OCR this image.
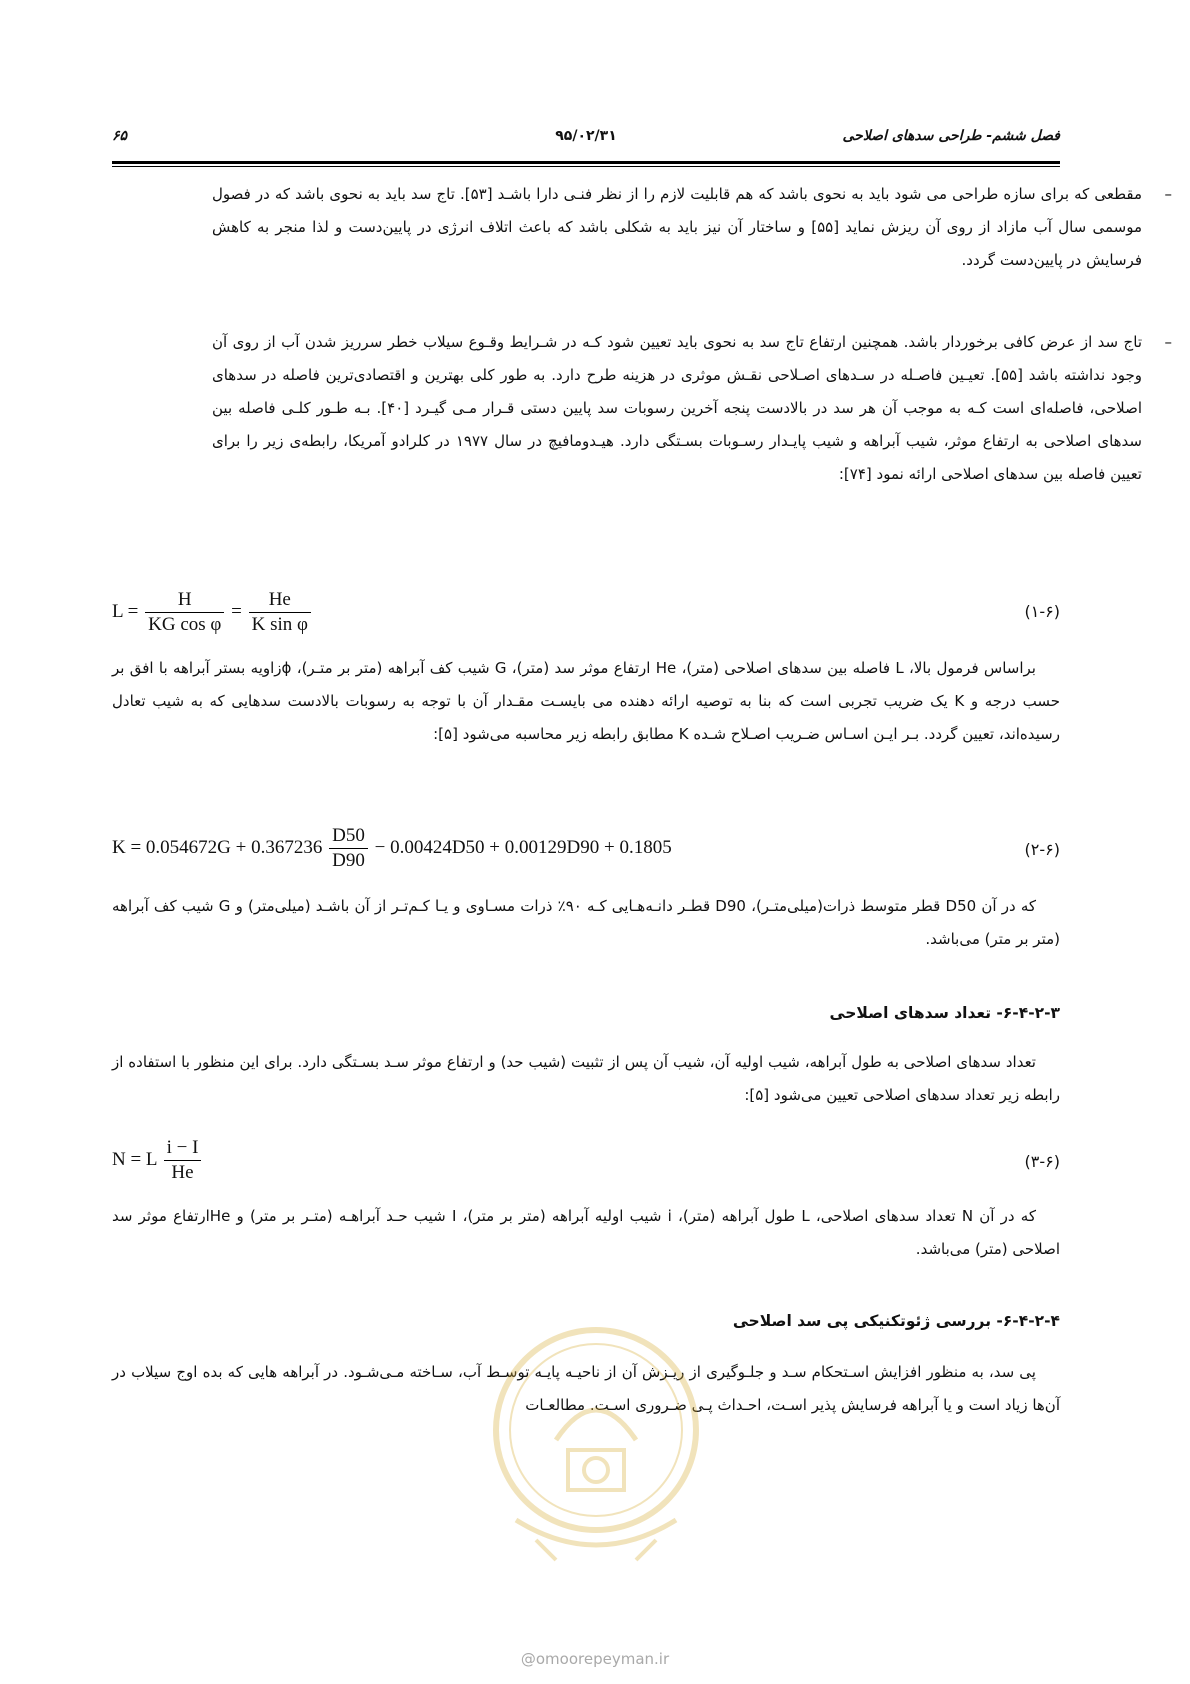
۶۵	۹۵/۰۲/۳۱	فصل ششم- طراحی سدهای اصلاحی
–
مقطعی که برای سازه طراحی می شود باید به نحوی باشد که هم قابلیت لازم را از نظر فنـی دارا باشـد [۵۳]. تاج سد باید به نحوی باشد که در فصول موسمی سال آب مازاد از روی آن ریزش نماید [۵۵] و ساختار آن نیز باید به شکلی باشد که باعث اتلاف انرژی در پایین‌دست و لذا منجر به کاهش فرسایش در پایین‌دست گردد.
–
تاج سد از عرض کافی برخوردار باشد. همچنین ارتفاع تاج سد به نحوی باید تعیین شود کـه در شـرایط وقـوع سیلاب خطر سرریز شدن آب از روی آن وجود نداشته باشد [۵۵]. تعیـین فاصـله در سـدهای اصـلاحی نقـش موثری در هزینه طرح دارد. به طور کلی بهترین و اقتصادی‌ترین فاصله در سدهای اصلاحی، فاصله‌ای است کـه به موجب آن هر سد در بالادست پنجه آخرین رسوبات سد پایین دستی قـرار مـی گیـرد [۴۰]. بـه طـور کلـی فاصله بین سدهای اصلاحی به ارتفاع موثر، شیب آبراهه و شیب پایـدار رسـوبات بسـتگی دارد. هیـدومافیچ در سال ۱۹۷۷ در کلرادو آمریکا، رابطه‌ی زیر را برای تعیین فاصله بین سدهای اصلاحی ارائه نمود [۷۴]:
$L = \frac{H}{\text{KG cos φ}} = \frac{He}{\text{K sin φ}}$	(۱-۶)
براساس فرمول بالا، L فاصله بین سدهای اصلاحی (متر)، He ارتفاع موثر سد (متر)، G شیب کف آبراهه (متر بر متـر)، ϕزاویه بستر آبراهه با افق بر حسب درجه و K یک ضریب تجربی است که بنا به توصیه ارائه دهنده می بایسـت مقـدار آن با توجه به رسوبات بالادست سدهایی که به شیب تعادل رسیده‌اند، تعیین گردد. بـر ایـن اسـاس ضـریب اصـلاح شـده K مطابق رابطه زیر محاسبه می‌شود [۵]:
$K = 0.054672G + 0.367236 \frac{D50}{D90} - 0.00424D50 + 0.00129D90 + 0.1805$	(۲-۶)
که در آن D50 قطر متوسط ذرات(میلی‌متـر)، D90 قطـر دانـه‌هـایی کـه ۹۰٪ ذرات مسـاوی و یـا کـم‌تـر از آن باشـد (میلی‌متر) و G شیب کف آبراهه (متر بر متر) می‌باشد.
۶-۴-۲-۳- تعداد سدهای اصلاحی
تعداد سدهای اصلاحی به طول آبراهه، شیب اولیه آن، شیب آن پس از تثبیت (شیب حد) و ارتفاع موثر سـد بسـتگی دارد. برای این منظور با استفاده از رابطه زیر تعداد سدهای اصلاحی تعیین می‌شود [۵]:
N = L $\frac{i - I}{He}$	(۳-۶)
که در آن N تعداد سدهای اصلاحی، L طول آبراهه (متر)، i شیب اولیه آبراهه (متر بر متر)، I شیب حـد آبراهـه (متـر بر متر) و Heارتفاع موثر سد اصلاحی (متر) می‌باشد.
۶-۴-۲-۴- بررسی ژئوتکنیکی پی سد اصلاحی
پی سد، به منظور افزایش اسـتحکام سـد و جلـوگیری از ریـزش آن از ناحیـه پایـه توسـط آب، سـاخته مـی‌شـود. در آبراهه هایی که بده اوج سیلاب در آن‌ها زیاد است و یا آبراهه فرسایش پذیر اسـت، احـداث پـی ضـروری اسـت. مطالعـات
@omoorepeyman.ir
